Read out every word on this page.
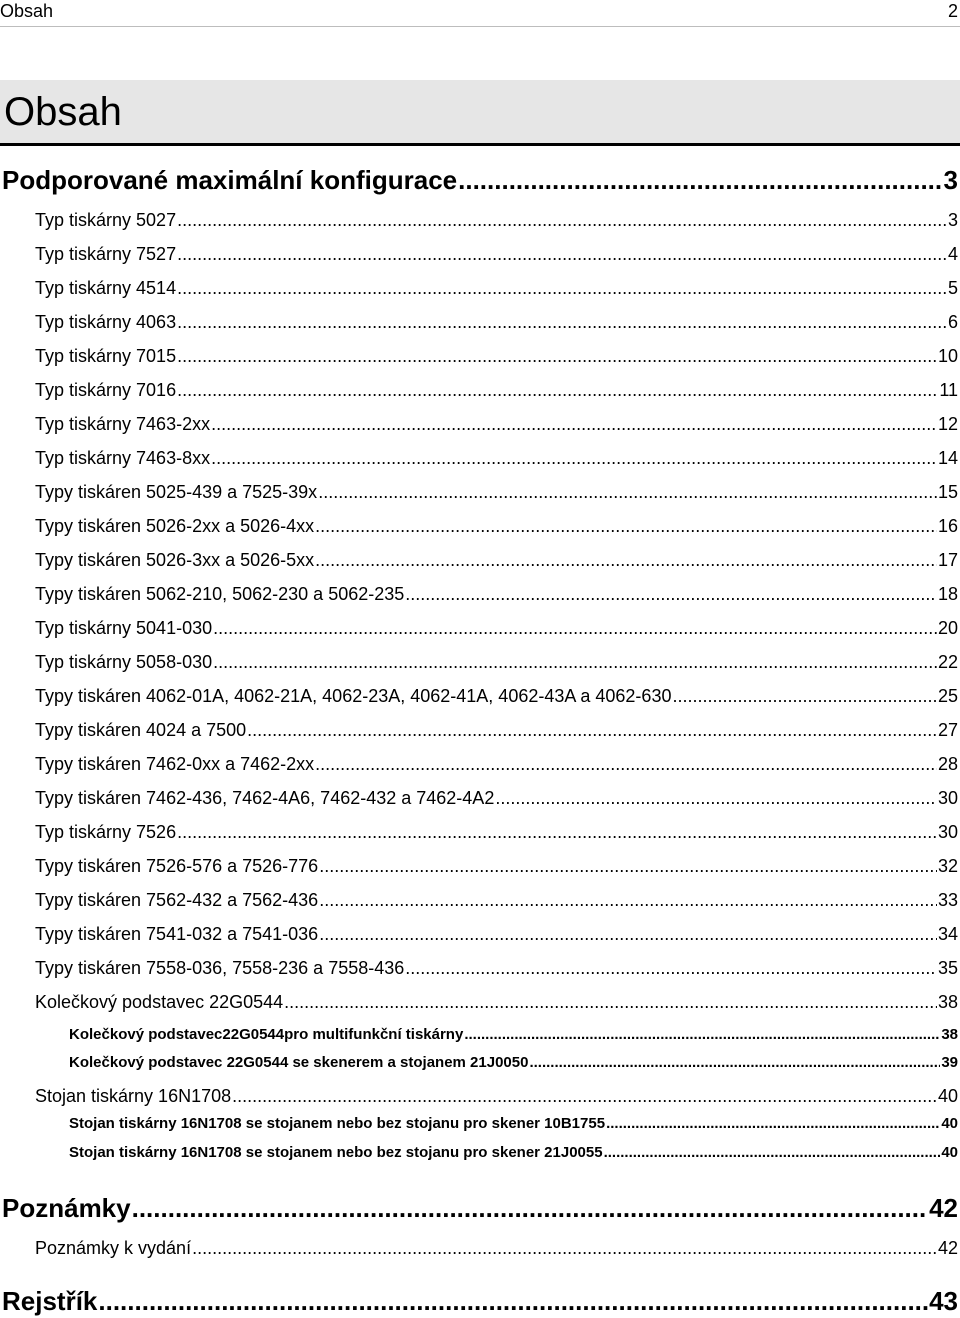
Obsah	2
Obsah
Podporované maximální konfigurace .....	3
Typ tiskárny 5027 .....	3
Typ tiskárny 7527 .....	4
Typ tiskárny 4514 .....	5
Typ tiskárny 4063 .....	6
Typ tiskárny 7015 .....	10
Typ tiskárny 7016 .....	11
Typ tiskárny 7463-2xx .....	12
Typ tiskárny 7463-8xx .....	14
Typy tiskáren 5025-439 a 7525-39x .....	15
Typy tiskáren 5026-2xx a 5026-4xx .....	16
Typy tiskáren 5026-3xx a 5026-5xx .....	17
Typy tiskáren 5062-210, 5062-230 a 5062-235 .....	18
Typ tiskárny 5041-030 .....	20
Typ tiskárny 5058-030 .....	22
Typy tiskáren 4062-01A, 4062-21A, 4062-23A, 4062-41A, 4062-43A a 4062-630 .....	25
Typy tiskáren 4024 a 7500 .....	27
Typy tiskáren 7462-0xx a 7462-2xx .....	28
Typy tiskáren 7462-436, 7462-4A6, 7462-432 a 7462-4A2 .....	30
Typ tiskárny 7526 .....	30
Typy tiskáren 7526-576 a 7526-776 .....	32
Typy tiskáren 7562-432 a 7562-436 .....	33
Typy tiskáren 7541-032 a 7541-036 .....	34
Typy tiskáren 7558-036, 7558-236 a 7558-436 .....	35
Kolečkový podstavec 22G0544 .....	38
Kolečkový podstavec22G0544pro multifunkční tiskárny .....	38
Kolečkový podstavec 22G0544 se skenerem a stojanem 21J0050 .....	39
Stojan tiskárny 16N1708 .....	40
Stojan tiskárny 16N1708 se stojanem nebo bez stojanu pro skener 10B1755 .....	40
Stojan tiskárny 16N1708 se stojanem nebo bez stojanu pro skener 21J0055 .....	40
Poznámky .....	42
Poznámky k vydání .....	42
Rejstřík .....	43
